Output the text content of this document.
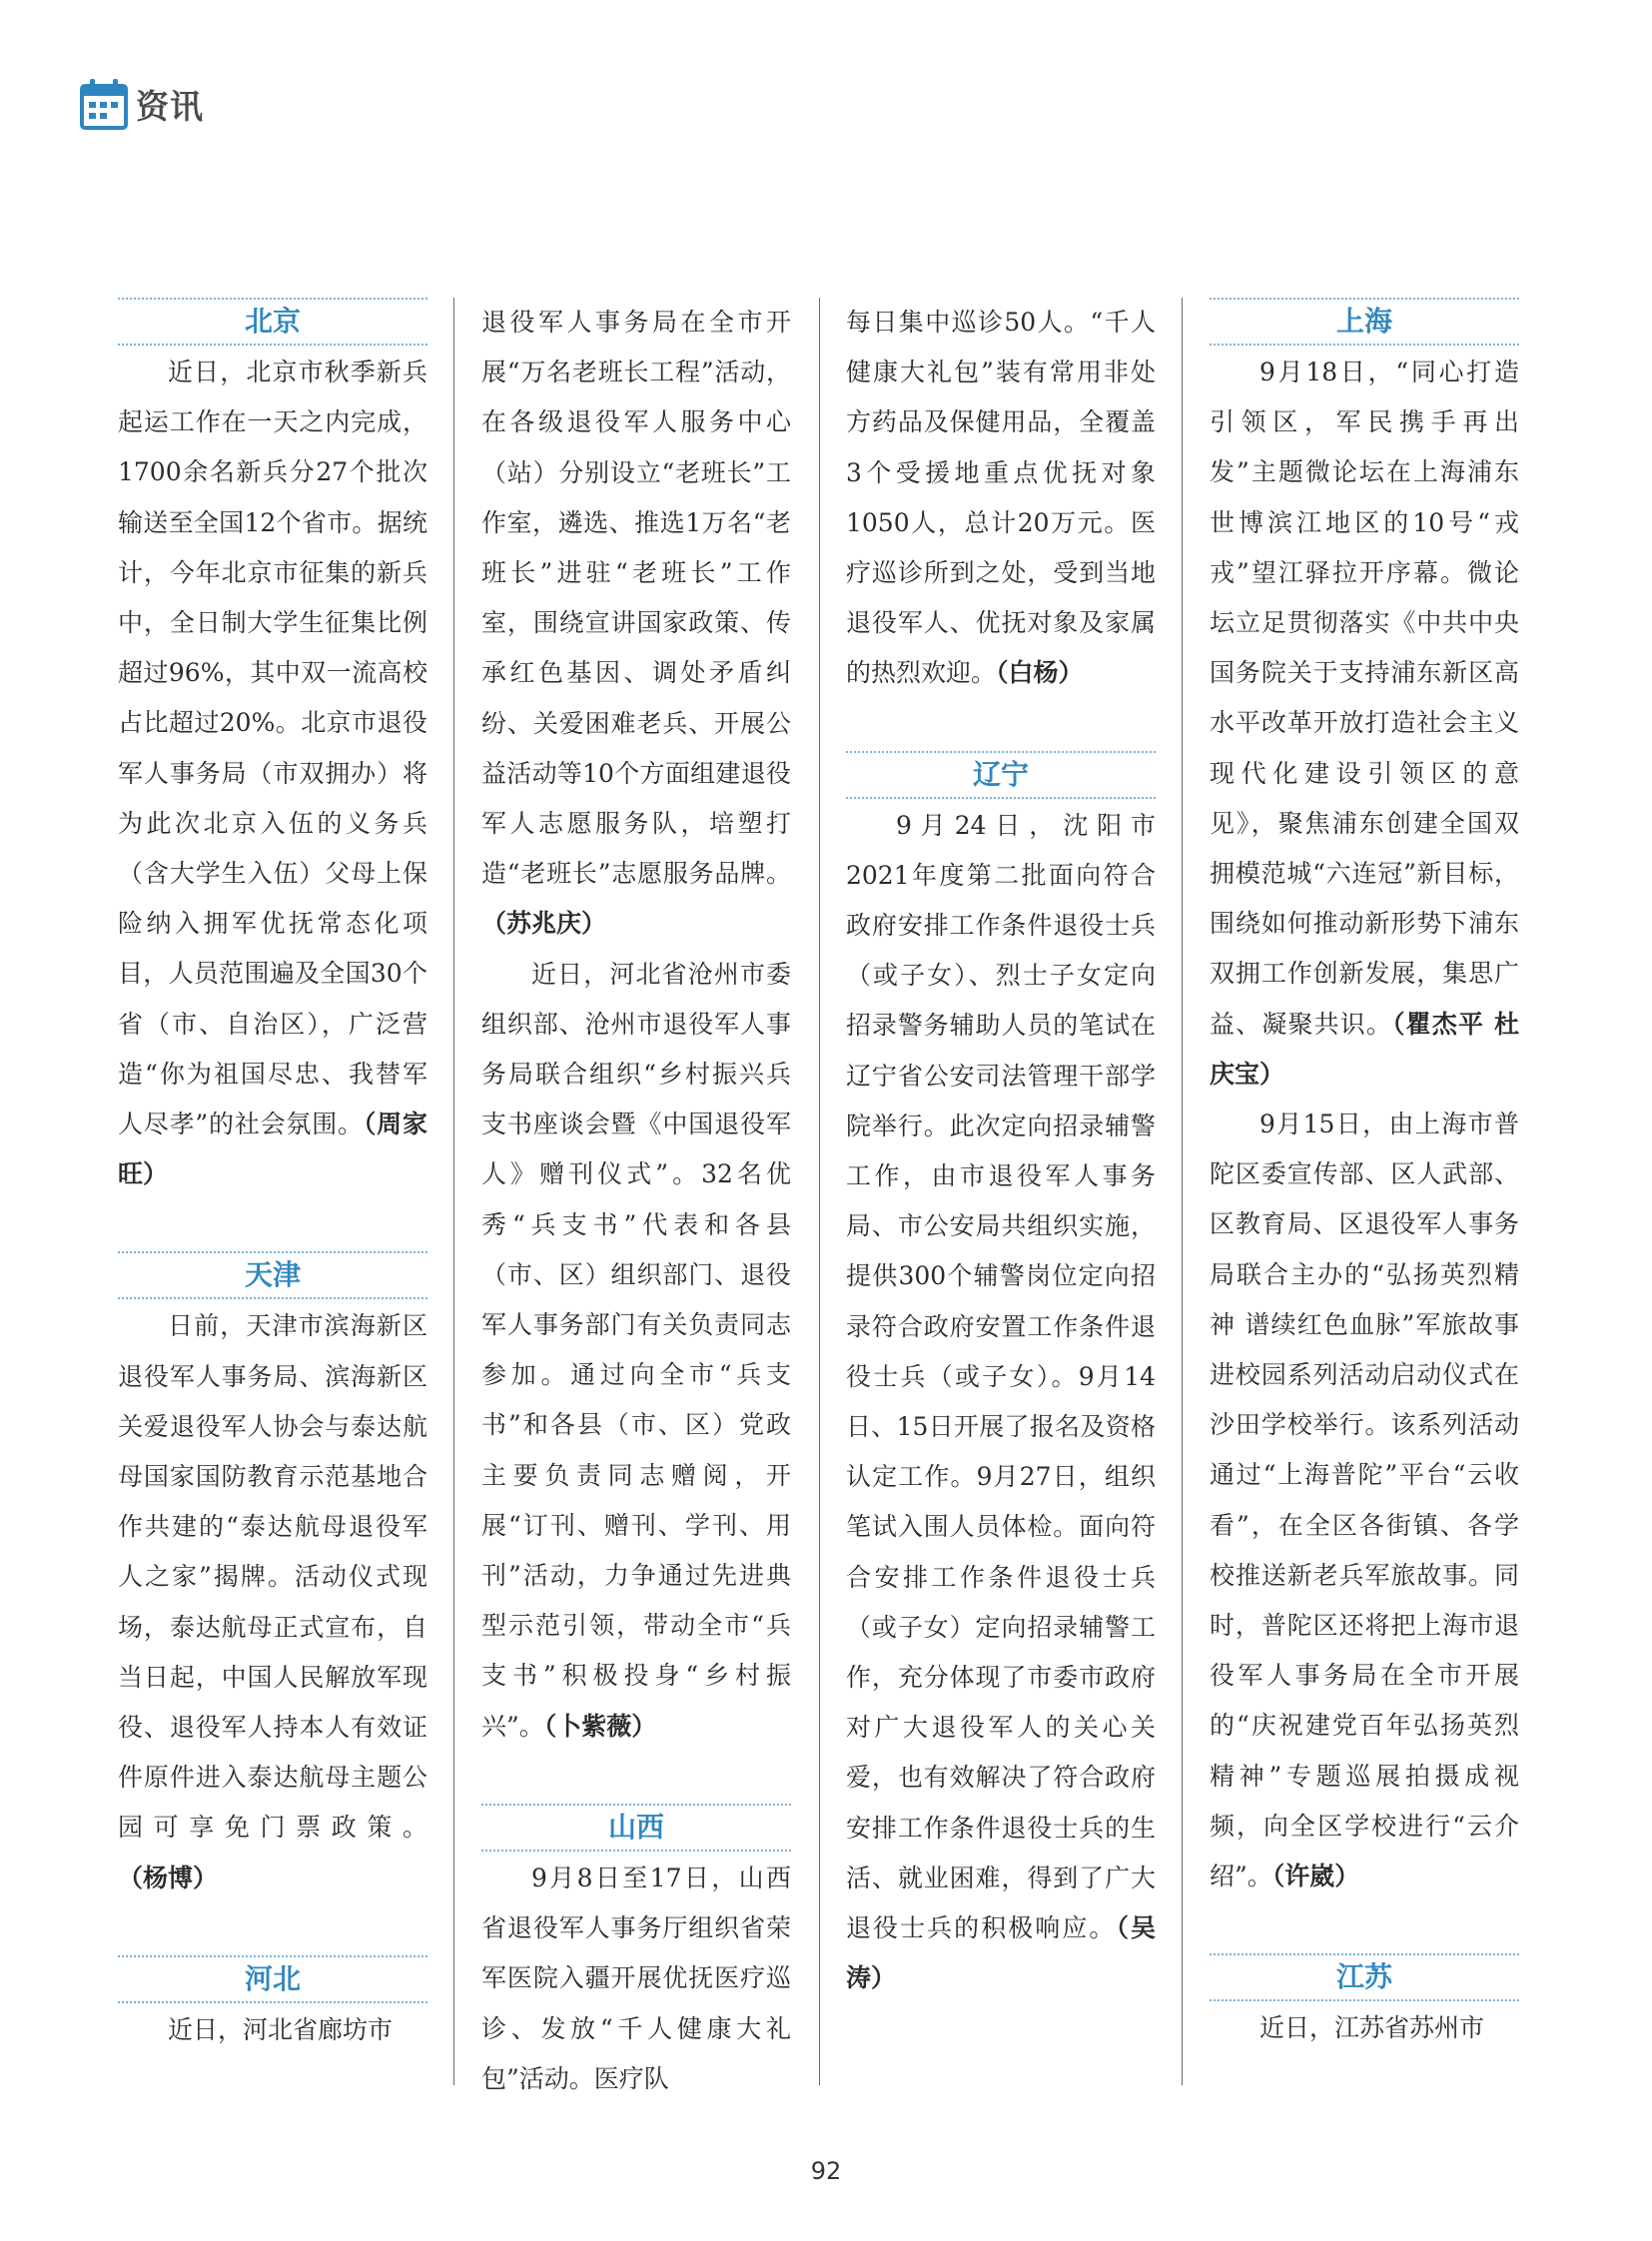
资讯
北京

近日，北京市秋季新兵起运工作在一天之内完成，1700余名新兵分27个批次输送至全国12个省市。据统计，今年北京市征集的新兵中，全日制大学生征集比例超过96%，其中双一流高校占比超过20%。北京市退役军人事务局（市双拥办）将为此次北京入伍的义务兵（含大学生入伍）父母上保险纳入拥军优抚常态化项目，人员范围遍及全国30个省（市、自治区），广泛营造“你为祖国尽忠、我替军人尽孝”的社会氛围。（周家旺）

天津

日前，天津市滨海新区退役军人事务局、滨海新区关爱退役军人协会与泰达航母国家国防教育示范基地合作共建的“泰达航母退役军人之家”揭牌。活动仪式现场，泰达航母正式宣布，自当日起，中国人民解放军现役、退役军人持本人有效证件原件进入泰达航母主题公园可享免门票政策。（杨博）

河北

近日，河北省廊坊市

退役军人事务局在全市开展“万名老班长工程”活动，在各级退役军人服务中心（站）分别设立“老班长”工作室，遴选、推选1万名“老班长”进驻“老班长”工作室，围绕宣讲国家政策、传承红色基因、调处矛盾纠纷、关爱困难老兵、开展公益活动等10个方面组建退役军人志愿服务队，培塑打造“老班长”志愿服务品牌。（苏兆庆）

近日，河北省沧州市委组织部、沧州市退役军人事务局联合组织“乡村振兴兵支书座谈会暨《中国退役军人》赠刊仪式”。32名优秀“兵支书”代表和各县（市、区）组织部门、退役军人事务部门有关负责同志参加。通过向全市“兵支书”和各县（市、区）党政主要负责同志赠阅，开展“订刊、赠刊、学刊、用刊”活动，力争通过先进典型示范引领，带动全市“兵支书”积极投身“乡村振兴”。（卜紫薇）

山西

9月8日至17日，山西省退役军人事务厅组织省荣军医院入疆开展优抚医疗巡诊、发放“千人健康大礼包”活动。医疗队

每日集中巡诊50人。“千人健康大礼包”装有常用非处方药品及保健用品，全覆盖3个受援地重点优抚对象1050人，总计20万元。医疗巡诊所到之处，受到当地退役军人、优抚对象及家属的热烈欢迎。（白杨）

辽宁

9月24日，沈阳市2021年度第二批面向符合政府安排工作条件退役士兵（或子女）、烈士子女定向招录警务辅助人员的笔试在辽宁省公安司法管理干部学院举行。此次定向招录辅警工作，由市退役军人事务局、市公安局共组织实施，提供300个辅警岗位定向招录符合政府安置工作条件退役士兵（或子女）。9月14日、15日开展了报名及资格认定工作。9月27日，组织笔试入围人员体检。面向符合安排工作条件退役士兵（或子女）定向招录辅警工作，充分体现了市委市政府对广大退役军人的关心关爱，也有效解决了符合政府安排工作条件退役士兵的生活、就业困难，得到了广大退役士兵的积极响应。（吴涛）

上海

9月18日，“同心打造引领区，军民携手再出发”主题微论坛在上海浦东世博滨江地区的10号“戎戎”望江驿拉开序幕。微论坛立足贯彻落实《中共中央国务院关于支持浦东新区高水平改革开放打造社会主义现代化建设引领区的意见》，聚焦浦东创建全国双拥模范城“六连冠”新目标，围绕如何推动新形势下浦东双拥工作创新发展，集思广益、凝聚共识。（瞿杰平 杜庆宝）

9月15日，由上海市普陀区委宣传部、区人武部、区教育局、区退役军人事务局联合主办的“弘扬英烈精神 谱续红色血脉”军旅故事进校园系列活动启动仪式在沙田学校举行。该系列活动通过“上海普陀”平台“云收看”，在全区各街镇、各学校推送新老兵军旅故事。同时，普陀区还将把上海市退役军人事务局在全市开展的“庆祝建党百年弘扬英烈精神”专题巡展拍摄成视频，向全区学校进行“云介绍”。（许崴）

江苏

近日，江苏省苏州市

92
